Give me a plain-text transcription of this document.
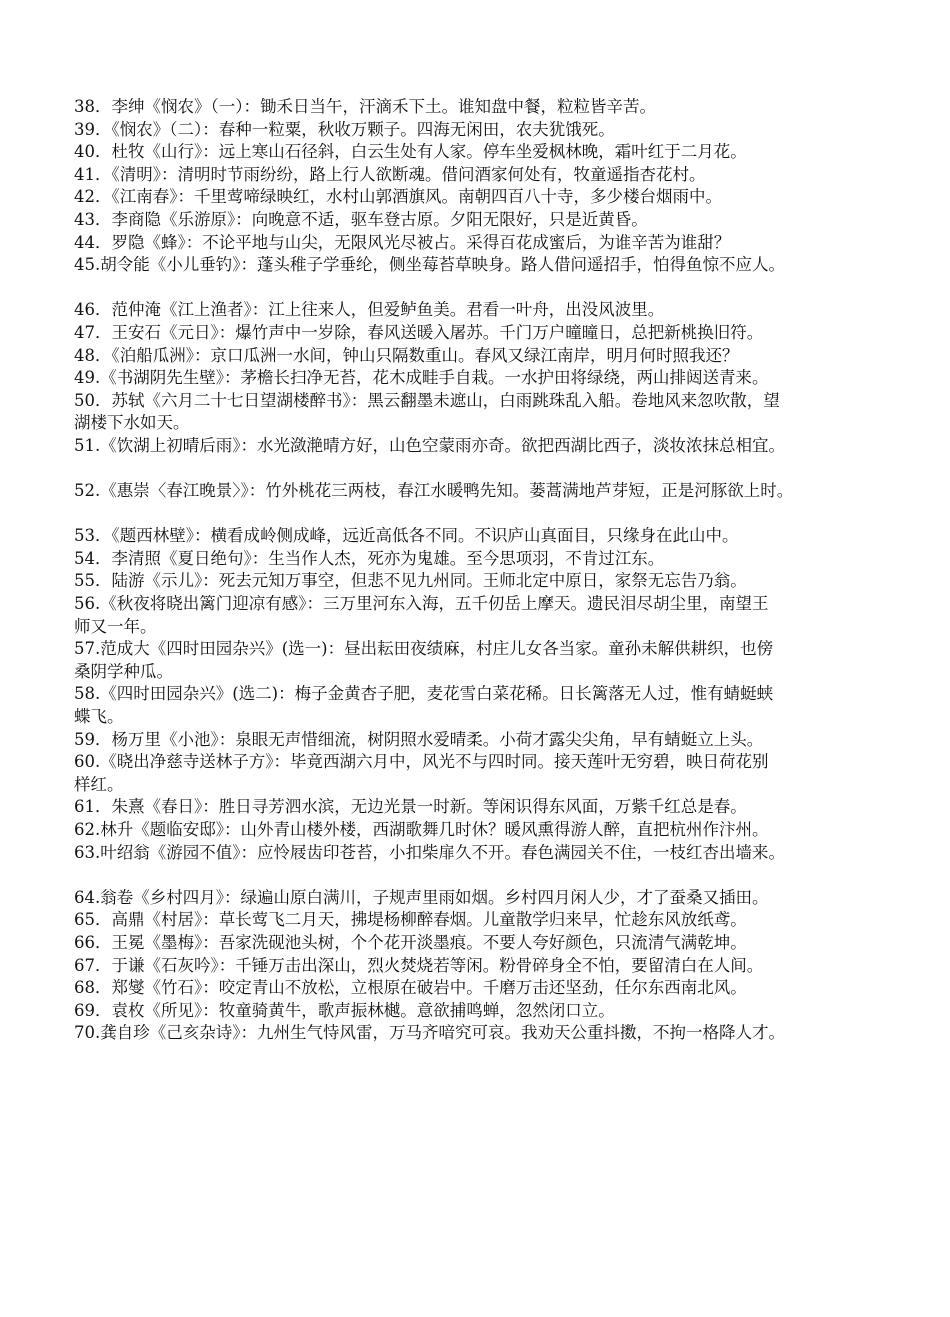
38．李绅《悯农》（一）：锄禾日当午，汗滴禾下土。谁知盘中餐，粒粒皆辛苦。
39．《悯农》（二）：春种一粒粟，秋收万颗子。四海无闲田，农夫犹饿死。
40．杜牧《山行》：远上寒山石径斜，白云生处有人家。停车坐爱枫林晚，霜叶红于二月花。
41．《清明》：清明时节雨纷纷，路上行人欲断魂。借问酒家何处有，牧童遥指杏花村。
42．《江南春》：千里莺啼绿映红，水村山郭酒旗风。南朝四百八十寺，多少楼台烟雨中。
43．李商隐《乐游原》：向晚意不适，驱车登古原。夕阳无限好，只是近黄昏。
44．罗隐《蜂》：不论平地与山尖，无限风光尽被占。采得百花成蜜后，为谁辛苦为谁甜？
45.胡令能《小儿垂钓》：蓬头稚子学垂纶，侧坐莓苔草映身。路人借问遥招手，怕得鱼惊不应人。
46．范仲淹《江上渔者》：江上往来人，但爱鲈鱼美。君看一叶舟，出没风波里。
47．王安石《元日》：爆竹声中一岁除，春风送暖入屠苏。千门万户曈曈日，总把新桃换旧符。
48．《泊船瓜洲》：京口瓜洲一水间，钟山只隔数重山。春风又绿江南岸，明月何时照我还？
49.《书湖阴先生壁》：茅檐长扫净无苔，花木成畦手自栽。一水护田将绿绕，两山排闼送青来。
50．苏轼《六月二十七日望湖楼醉书》：黑云翻墨未遮山，白雨跳珠乱入船。卷地风来忽吹散，望
湖楼下水如天。
51.《饮湖上初晴后雨》：水光潋滟晴方好，山色空蒙雨亦奇。欲把西湖比西子，淡妆浓抹总相宜。
52.《惠崇〈春江晚景〉》：竹外桃花三两枝，春江水暖鸭先知。蒌蒿满地芦芽短，正是河豚欲上时。
53．《题西林壁》：横看成岭侧成峰，远近高低各不同。不识庐山真面目，只缘身在此山中。
54．李清照《夏日绝句》：生当作人杰，死亦为鬼雄。至今思项羽，不肯过江东。
55．陆游《示儿》：死去元知万事空，但悲不见九州同。王师北定中原日，家祭无忘告乃翁。
56.《秋夜将晓出篱门迎凉有感》：三万里河东入海，五千仞岳上摩天。遗民泪尽胡尘里，南望王
师又一年。
57.范成大《四时田园杂兴》(选一)：昼出耘田夜绩麻，村庄儿女各当家。童孙未解供耕织，也傍
桑阴学种瓜。
58.《四时田园杂兴》(选二)：梅子金黄杏子肥，麦花雪白菜花稀。日长篱落无人过，惟有蜻蜓蛱
蝶飞。
59．杨万里《小池》：泉眼无声惜细流，树阴照水爱晴柔。小荷才露尖尖角，早有蜻蜓立上头。
60.《晓出净慈寺送林子方》：毕竟西湖六月中，风光不与四时同。接天莲叶无穷碧，映日荷花别
样红。
61．朱熹《春日》：胜日寻芳泗水滨，无边光景一时新。等闲识得东风面，万紫千红总是春。
62.林升《题临安邸》：山外青山楼外楼，西湖歌舞几时休？暖风熏得游人醉，直把杭州作汴州。
63.叶绍翁《游园不值》：应怜屐齿印苍苔，小扣柴扉久不开。春色满园关不住，一枝红杏出墙来。
64.翁卷《乡村四月》：绿遍山原白满川，子规声里雨如烟。乡村四月闲人少，才了蚕桑又插田。
65．高鼎《村居》：草长莺飞二月天，拂堤杨柳醉春烟。儿童散学归来早，忙趁东风放纸鸢。
66．王冕《墨梅》：吾家洗砚池头树，个个花开淡墨痕。不要人夸好颜色，只流清气满乾坤。
67．于谦《石灰吟》：千锤万击出深山，烈火焚烧若等闲。粉骨碎身全不怕，要留清白在人间。
68．郑燮《竹石》：咬定青山不放松，立根原在破岩中。千磨万击还坚劲，任尔东西南北风。
69．袁枚《所见》：牧童骑黄牛，歌声振林樾。意欲捕鸣蝉，忽然闭口立。
70.龚自珍《己亥杂诗》：九州生气恃风雷，万马齐喑究可哀。我劝天公重抖擞，不拘一格降人才。
